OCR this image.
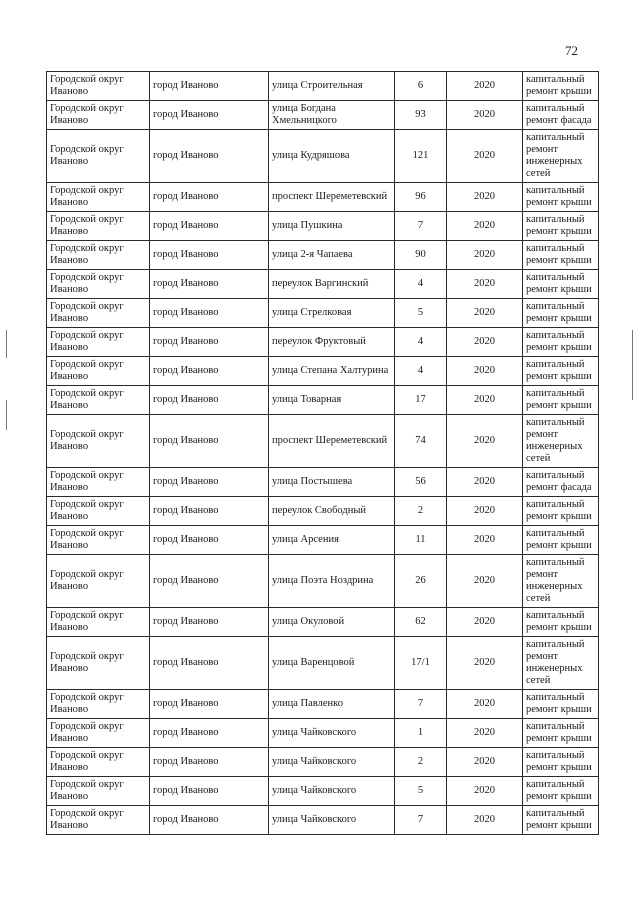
72
Городской округ Иваново	город Иваново	улица Строительная	6	2020	капитальный ремонт крыши
Городской округ Иваново	город Иваново	улица Богдана Хмельницкого	93	2020	капитальный ремонт фасада
Городской округ Иваново	город Иваново	улица Кудряшова	121	2020	капитальный ремонт инженерных сетей
Городской округ Иваново	город Иваново	проспект Шереметевский	96	2020	капитальный ремонт крыши
Городской округ Иваново	город Иваново	улица Пушкина	7	2020	капитальный ремонт крыши
Городской округ Иваново	город Иваново	улица 2-я Чапаева	90	2020	капитальный ремонт крыши
Городской округ Иваново	город Иваново	переулок Варгинский	4	2020	капитальный ремонт крыши
Городской округ Иваново	город Иваново	улица Стрелковая	5	2020	капитальный ремонт крыши
Городской округ Иваново	город Иваново	переулок Фруктовый	4	2020	капитальный ремонт крыши
Городской округ Иваново	город Иваново	улица Степана Халтурина	4	2020	капитальный ремонт крыши
Городской округ Иваново	город Иваново	улица Товарная	17	2020	капитальный ремонт крыши
Городской округ Иваново	город Иваново	проспект Шереметевский	74	2020	капитальный ремонт инженерных сетей
Городской округ Иваново	город Иваново	улица Постышева	56	2020	капитальный ремонт фасада
Городской округ Иваново	город Иваново	переулок Свободный	2	2020	капитальный ремонт крыши
Городской округ Иваново	город Иваново	улица Арсения	11	2020	капитальный ремонт крыши
Городской округ Иваново	город Иваново	улица Поэта Ноздрина	26	2020	капитальный ремонт инженерных сетей
Городской округ Иваново	город Иваново	улица Окуловой	62	2020	капитальный ремонт крыши
Городской округ Иваново	город Иваново	улица Варенцовой	17/1	2020	капитальный ремонт инженерных сетей
Городской округ Иваново	город Иваново	улица Павленко	7	2020	капитальный ремонт крыши
Городской округ Иваново	город Иваново	улица Чайковского	1	2020	капитальный ремонт крыши
Городской округ Иваново	город Иваново	улица Чайковского	2	2020	капитальный ремонт крыши
Городской округ Иваново	город Иваново	улица Чайковского	5	2020	капитальный ремонт крыши
Городской округ Иваново	город Иваново	улица Чайковского	7	2020	капитальный ремонт крыши
